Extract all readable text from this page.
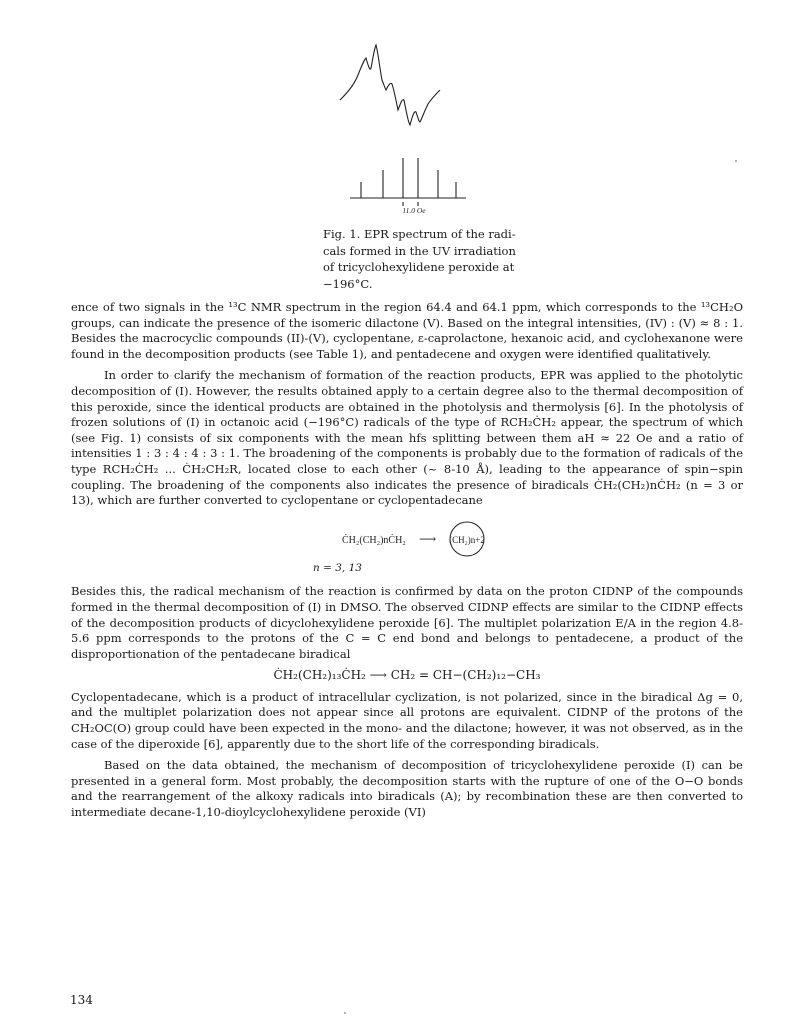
11.0 Oe
Fig. 1. EPR spectrum of the radi-
cals formed in the UV irradiation
of tricyclohexylidene peroxide at
−196°C.

ence of two signals in the ¹³C NMR spectrum in the region 64.4 and 64.1 ppm, which corresponds to the ¹³CH₂O groups, can indicate the presence of the isomeric dilactone (V). Based on the integral intensities, (IV) : (V) ≈ 8 : 1. Besides the macrocyclic compounds (II)-(V), cyclopentane, ε-caprolactone, hexanoic acid, and cyclohexanone were found in the decomposition products (see Table 1), and pentadecene and oxygen were identified qualitatively.

In order to clarify the mechanism of formation of the reaction products, EPR was applied to the photolytic decomposition of (I). However, the results obtained apply to a certain degree also to the thermal decomposition of this peroxide, since the identical products are obtained in the photolysis and thermolysis [6]. In the photolysis of frozen solutions of (I) in octanoic acid (−196°C) radicals of the type of RCH₂ĊH₂ appear, the spectrum of which (see Fig. 1) consists of six components with the mean hfs splitting between them aH ≈ 22 Oe and a ratio of intensities 1 : 3 : 4 : 4 : 3 : 1. The broadening of the components is probably due to the formation of radicals of the type RCH₂ĊH₂ ... ĊH₂CH₂R, located close to each other (~ 8-10 Å), leading to the appearance of spin−spin coupling. The broadening of the components also indicates the presence of biradicals ĊH₂(CH₂)nĊH₂ (n = 3 or 13), which are further converted to cyclopentane or cyclopentadecane

ĊH₂(CH₂)nĊH₂ ⟶ (CH₂)n+2
n = 3, 13

Besides this, the radical mechanism of the reaction is confirmed by data on the proton CIDNP of the compounds formed in the thermal decomposition of (I) in DMSO. The observed CIDNP effects are similar to the CIDNP effects of the decomposition products of dicyclohexylidene peroxide [6]. The multiplet polarization E/A in the region 4.8-5.6 ppm corresponds to the protons of the C = C end bond and belongs to pentadecene, a product of the disproportionation of the pentadecane biradical

ĊH₂(CH₂)₁₃ĊH₂ ⟶ CH₂ = CH−(CH₂)₁₂−CH₃

Cyclopentadecane, which is a product of intracellular cyclization, is not polarized, since in the biradical Δg = 0, and the multiplet polarization does not appear since all protons are equivalent. CIDNP of the protons of the CH₂OC(O) group could have been expected in the mono- and the dilactone; however, it was not observed, as in the case of the diperoxide [6], apparently due to the short life of the corresponding biradicals.

Based on the data obtained, the mechanism of decomposition of tricyclohexylidene peroxide (I) can be presented in a general form. Most probably, the decomposition starts with the rupture of one of the O−O bonds and the rearrangement of the alkoxy radicals into biradicals (A); by recombination these are then converted to intermediate decane-1,10-dioylcyclohexylidene peroxide (VI)

134
